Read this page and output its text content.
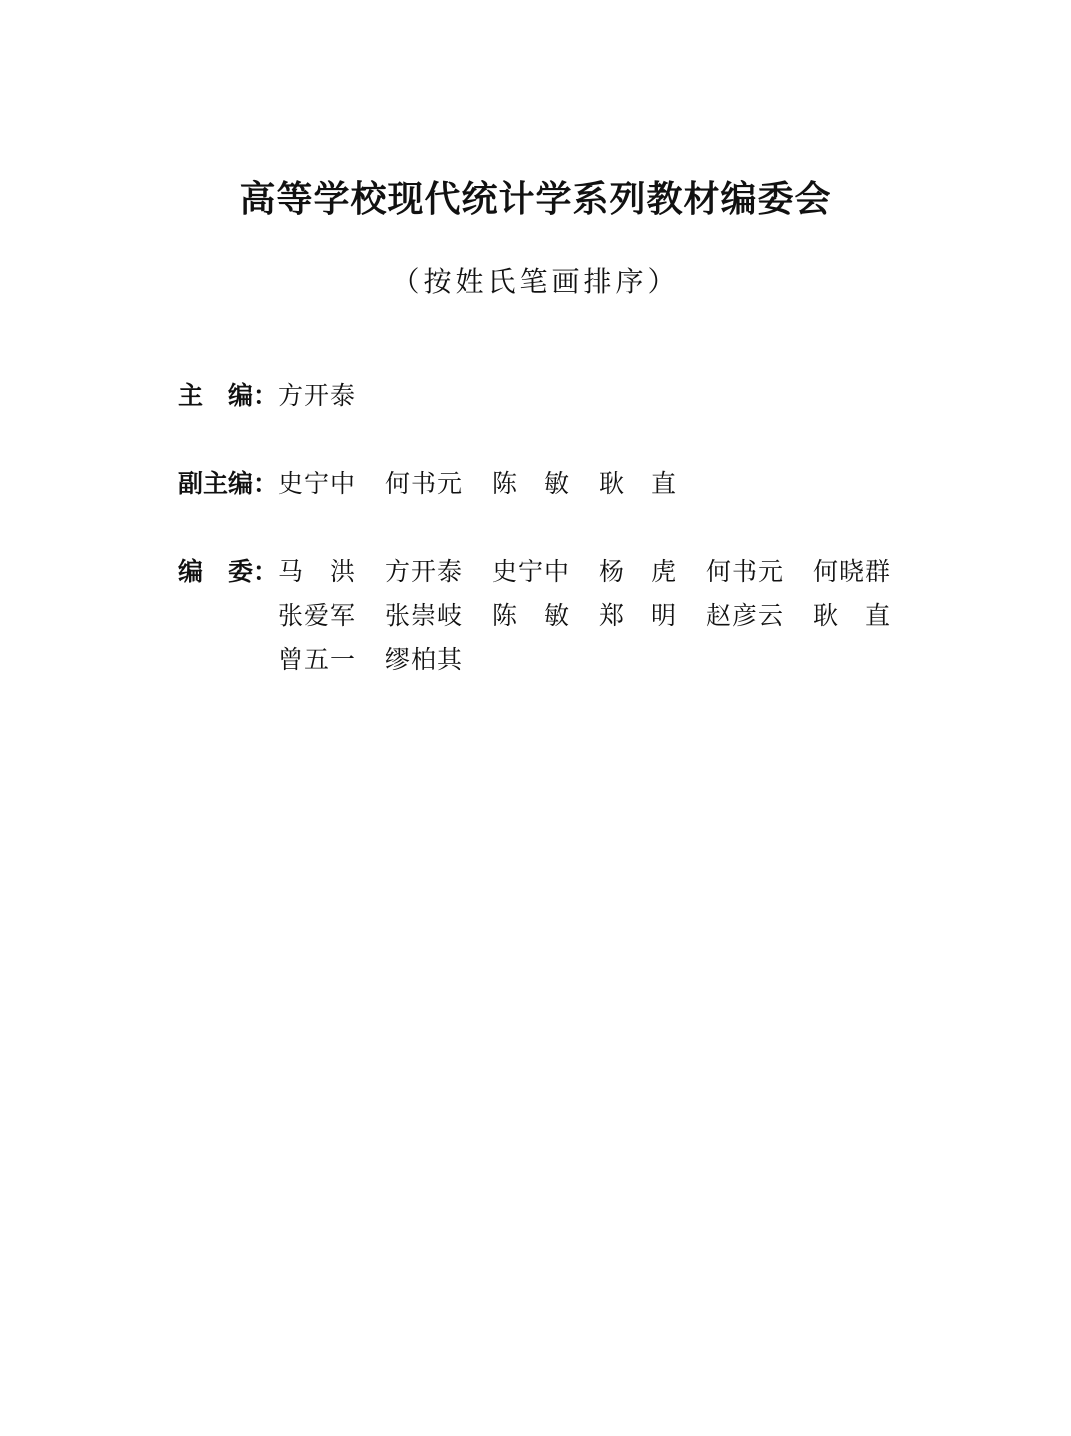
高等学校现代统计学系列教材编委会
（按姓氏笔画排序）
主　编： 方开泰
副主编： 史宁中	何书元	陈　敏	耿　直
编　委： 马　洪	方开泰	史宁中	杨　虎	何书元	何晓群
张爱军	张崇岐	陈　敏	郑　明	赵彦云	耿　直
曾五一	缪柏其
